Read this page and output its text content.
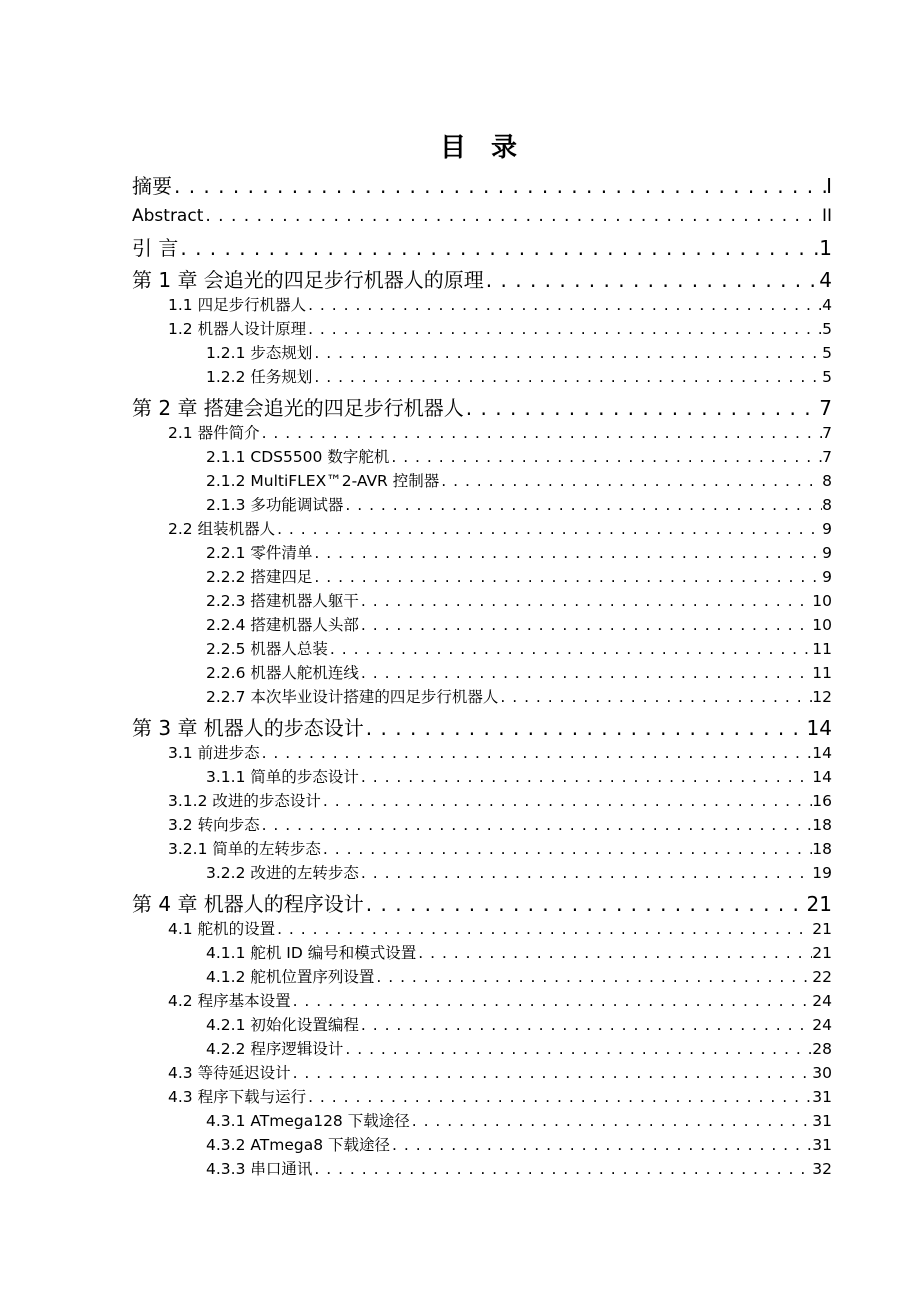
目 录
摘要 . . .	I
Abstract . . .	II
引 言 . . .	1
第 1 章 会追光的四足步行机器人的原理 . . .	4
1.1 四足步行机器人 . . .	4
1.2 机器人设计原理 . . .	5
1.2.1 步态规划 . . .	5
1.2.2 任务规划 . . .	5
第 2 章 搭建会追光的四足步行机器人 . . .	7
2.1 器件简介 . . .	7
2.1.1 CDS5500 数字舵机 . . .	7
2.1.2 MultiFLEX™2-AVR 控制器 . . .	8
2.1.3 多功能调试器 . . .	8
2.2 组装机器人 . . .	9
2.2.1 零件清单 . . .	9
2.2.2 搭建四足 . . .	9
2.2.3 搭建机器人躯干 . . .	10
2.2.4 搭建机器人头部 . . .	10
2.2.5 机器人总装 . . .	11
2.2.6 机器人舵机连线 . . .	11
2.2.7 本次毕业设计搭建的四足步行机器人 . . .	12
第 3 章 机器人的步态设计 . . .	14
3.1 前进步态 . . .	14
3.1.1 简单的步态设计 . . .	14
3.1.2 改进的步态设计 . . .	16
3.2 转向步态 . . .	18
3.2.1 简单的左转步态 . . .	18
3.2.2 改进的左转步态 . . .	19
第 4 章 机器人的程序设计 . . .	21
4.1 舵机的设置 . . .	21
4.1.1 舵机 ID 编号和模式设置 . . .	21
4.1.2 舵机位置序列设置 . . .	22
4.2 程序基本设置 . . .	24
4.2.1 初始化设置编程 . . .	24
4.2.2 程序逻辑设计 . . .	28
4.3 等待延迟设计 . . .	30
4.3 程序下载与运行 . . .	31
4.3.1 ATmega128 下载途径 . . .	31
4.3.2 ATmega8 下载途径 . . .	31
4.3.3 串口通讯 . . .	32
